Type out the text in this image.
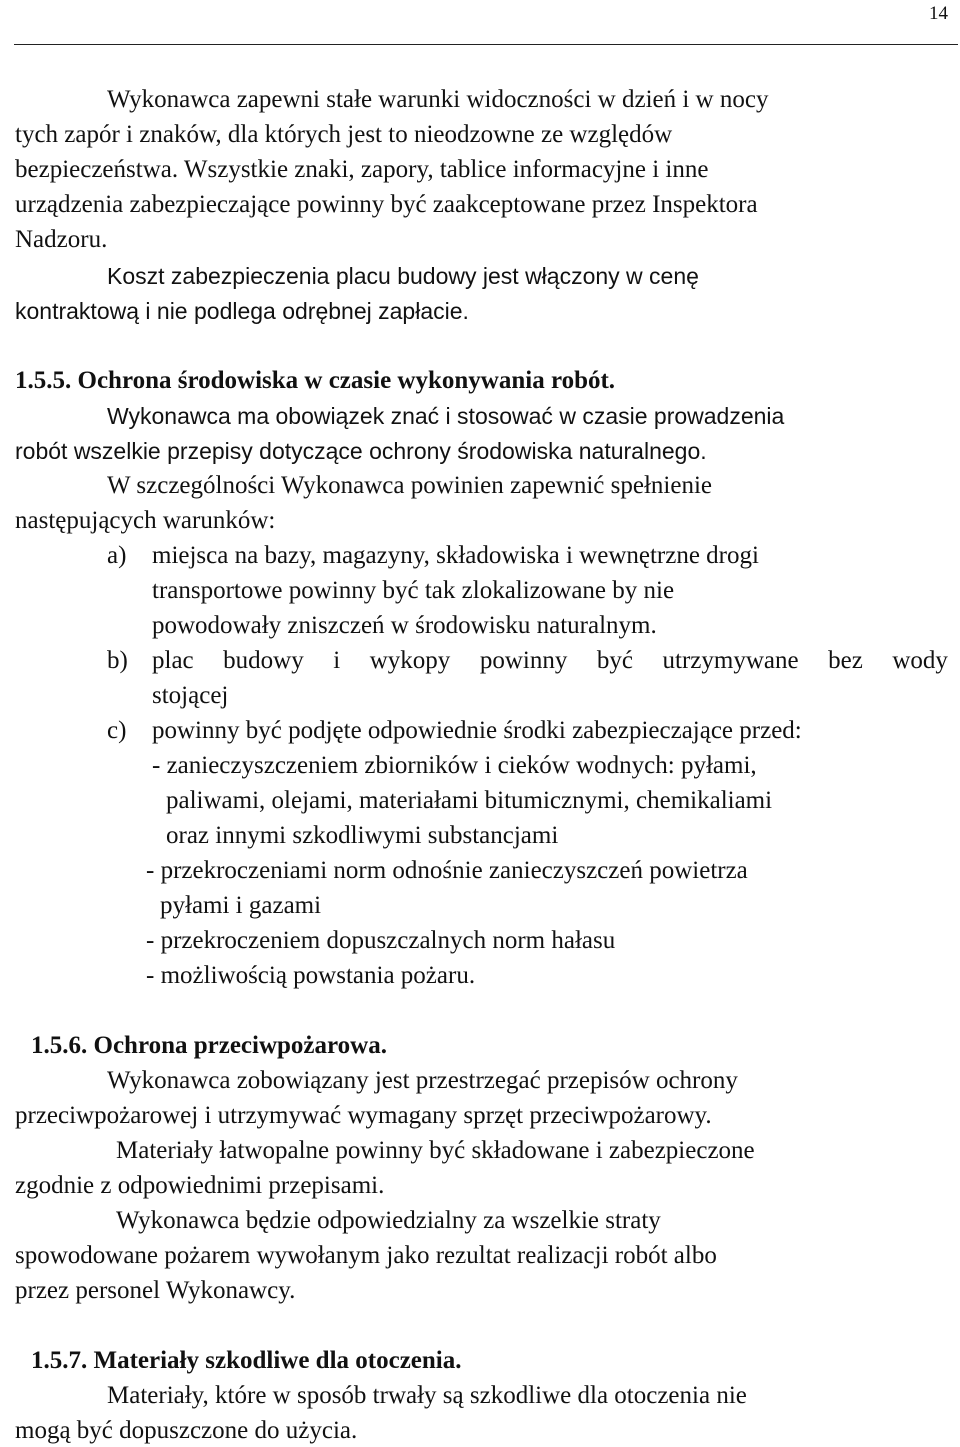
14
Wykonawca zapewni stałe warunki widoczności w dzień i w nocy
tych zapór i znaków, dla których jest to nieodzowne ze względów
bezpieczeństwa. Wszystkie znaki, zapory, tablice informacyjne i inne
urządzenia zabezpieczające powinny być zaakceptowane przez Inspektora
Nadzoru.
Koszt zabezpieczenia placu budowy jest włączony w cenę
kontraktową i nie podlega odrębnej zapłacie.
1.5.5. Ochrona środowiska w czasie wykonywania robót.
Wykonawca ma obowiązek znać i stosować w czasie prowadzenia
robót wszelkie przepisy dotyczące ochrony środowiska naturalnego.
W szczególności Wykonawca powinien zapewnić spełnienie
następujących warunków:
a) miejsca na bazy, magazyny, składowiska i wewnętrzne drogi
transportowe powinny być tak zlokalizowane by nie
powodowały zniszczeń w środowisku naturalnym.
b) plac budowy i wykopy powinny być utrzymywane bez wody
stojącej
c) powinny być podjęte odpowiednie środki zabezpieczające przed:
- zanieczyszczeniem zbiorników i cieków wodnych: pyłami,
paliwami, olejami, materiałami bitumicznymi, chemikaliami
oraz innymi szkodliwymi substancjami
- przekroczeniami norm odnośnie zanieczyszczeń powietrza
pyłami i gazami
- przekroczeniem dopuszczalnych norm hałasu
- możliwością powstania pożaru.
1.5.6. Ochrona przeciwpożarowa.
Wykonawca zobowiązany jest przestrzegać przepisów ochrony
przeciwpożarowej i utrzymywać wymagany sprzęt przeciwpożarowy.
Materiały łatwopalne powinny być składowane i zabezpieczone
zgodnie z odpowiednimi przepisami.
Wykonawca będzie odpowiedzialny za wszelkie straty
spowodowane pożarem wywołanym jako rezultat realizacji robót albo
przez personel Wykonawcy.
1.5.7. Materiały szkodliwe dla otoczenia.
Materiały, które w sposób trwały są szkodliwe dla otoczenia nie
mogą być dopuszczone do użycia.
